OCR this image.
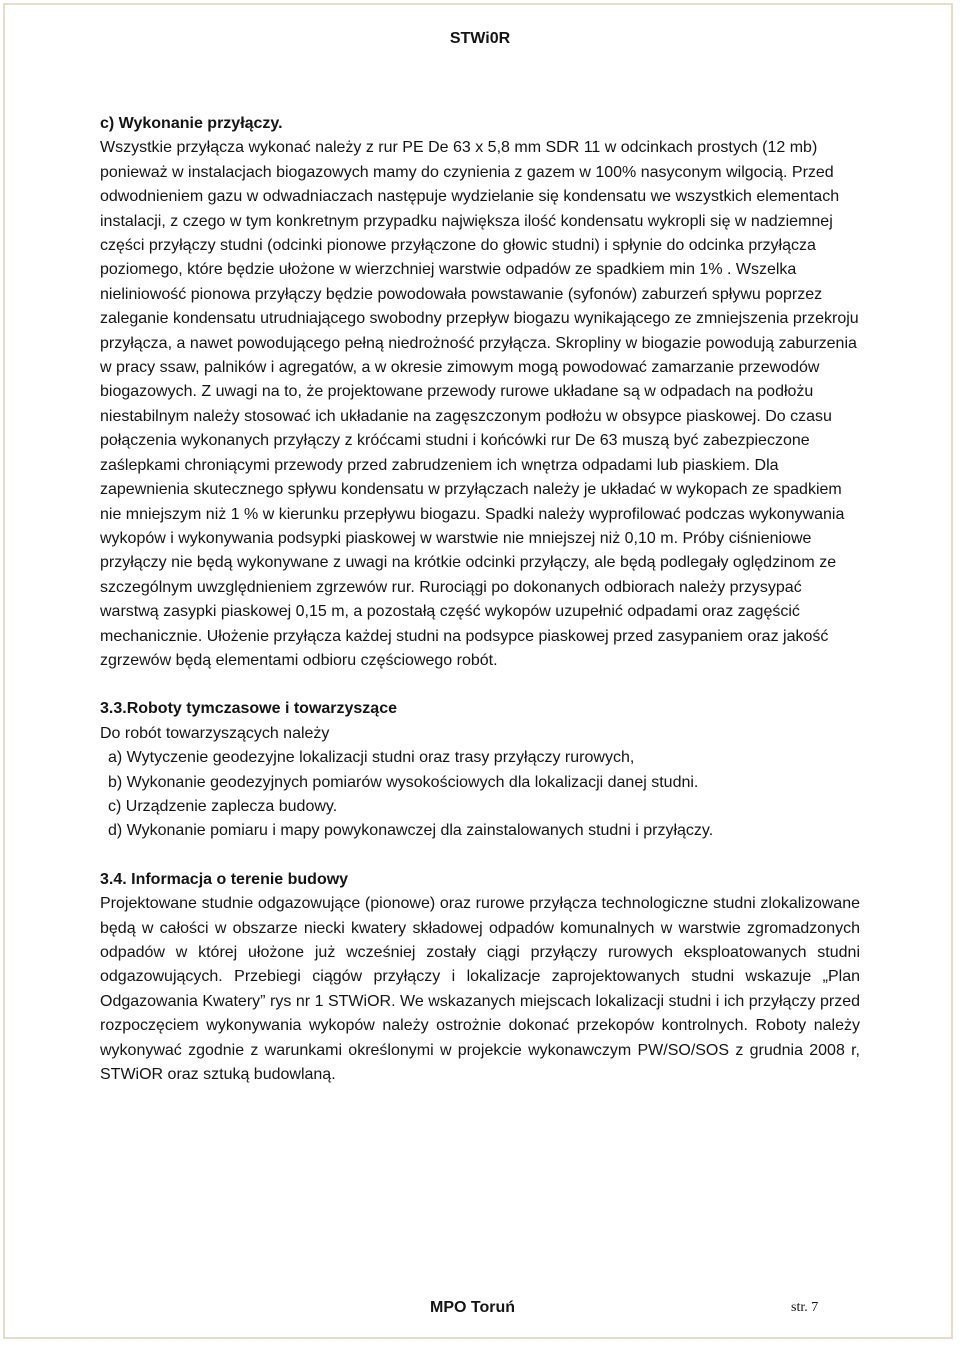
STWi0R

c) Wykonanie przyłączy.

Wszystkie przyłącza wykonać należy z rur PE De 63 x 5,8 mm SDR 11 w odcinkach prostych (12 mb) ponieważ w instalacjach biogazowych mamy do czynienia z gazem w 100% nasyconym wilgocią. Przed odwodnieniem gazu w odwadniaczach następuje wydzielanie się kondensatu we wszystkich elementach instalacji, z czego w tym konkretnym przypadku największa ilość kondensatu wykropli się w nadziemnej części przyłączy studni (odcinki pionowe przyłączone do głowic studni) i spłynie do odcinka przyłącza poziomego, które będzie ułożone w wierzchniej warstwie odpadów ze spadkiem min 1% . Wszelka nieliniowość pionowa przyłączy będzie powodowała powstawanie (syfonów) zaburzeń spływu poprzez zaleganie kondensatu utrudniającego swobodny przepływ biogazu wynikającego ze zmniejszenia przekroju przyłącza, a nawet powodującego pełną niedrożność przyłącza. Skropliny w biogazie powodują zaburzenia w pracy ssaw, palników i agregatów, a w okresie zimowym mogą powodować zamarzanie przewodów biogazowych. Z uwagi na to, że projektowane przewody rurowe układane są w odpadach na podłożu niestabilnym należy stosować ich układanie na zagęszczonym podłożu w obsypce piaskowej. Do czasu połączenia wykonanych przyłączy z króćcami studni i końcówki rur De 63 muszą być zabezpieczone zaślepkami chroniącymi przewody przed zabrudzeniem ich wnętrza odpadami lub piaskiem. Dla zapewnienia skutecznego spływu kondensatu w przyłączach należy je układać w wykopach ze spadkiem nie mniejszym niż 1 % w kierunku przepływu biogazu. Spadki należy wyprofilować podczas wykonywania wykopów i wykonywania podsypki piaskowej w warstwie nie mniejszej niż 0,10 m. Próby ciśnieniowe przyłączy nie będą wykonywane z uwagi na krótkie odcinki przyłączy, ale będą podlegały oględzinom ze szczególnym uwzględnieniem zgrzewów rur. Rurociągi po dokonanych odbiorach należy przysypać warstwą zasypki piaskowej 0,15 m, a pozostałą część wykopów uzupełnić odpadami oraz zagęścić mechanicznie. Ułożenie przyłącza każdej studni na podsypce piaskowej przed zasypaniem oraz jakość zgrzewów będą elementami odbioru częściowego robót.

3.3.Roboty tymczasowe i towarzyszące

Do robót towarzyszących należy

a) Wytyczenie geodezyjne lokalizacji studni oraz trasy przyłączy rurowych,
b) Wykonanie geodezyjnych pomiarów wysokościowych dla lokalizacji danej studni.
c) Urządzenie zaplecza budowy.
d) Wykonanie pomiaru i mapy powykonawczej dla zainstalowanych studni i przyłączy.

3.4. Informacja o terenie budowy

Projektowane studnie odgazowujące (pionowe) oraz rurowe przyłącza technologiczne studni zlokalizowane będą w całości w obszarze niecki kwatery składowej odpadów komunalnych w warstwie zgromadzonych odpadów w której ułożone już wcześniej zostały ciągi przyłączy rurowych eksploatowanych studni odgazowujących. Przebiegi ciągów przyłączy i lokalizacje zaprojektowanych studni wskazuje „Plan Odgazowania Kwatery” rys nr 1 STWiOR. We wskazanych miejscach lokalizacji studni i ich przyłączy przed rozpoczęciem wykonywania wykopów należy ostrożnie dokonać przekopów kontrolnych. Roboty należy wykonywać zgodnie z warunkami określonymi w projekcie wykonawczym PW/SO/SOS z grudnia 2008 r, STWiOR oraz sztuką budowlaną.

MPO Toruń	str. 7
